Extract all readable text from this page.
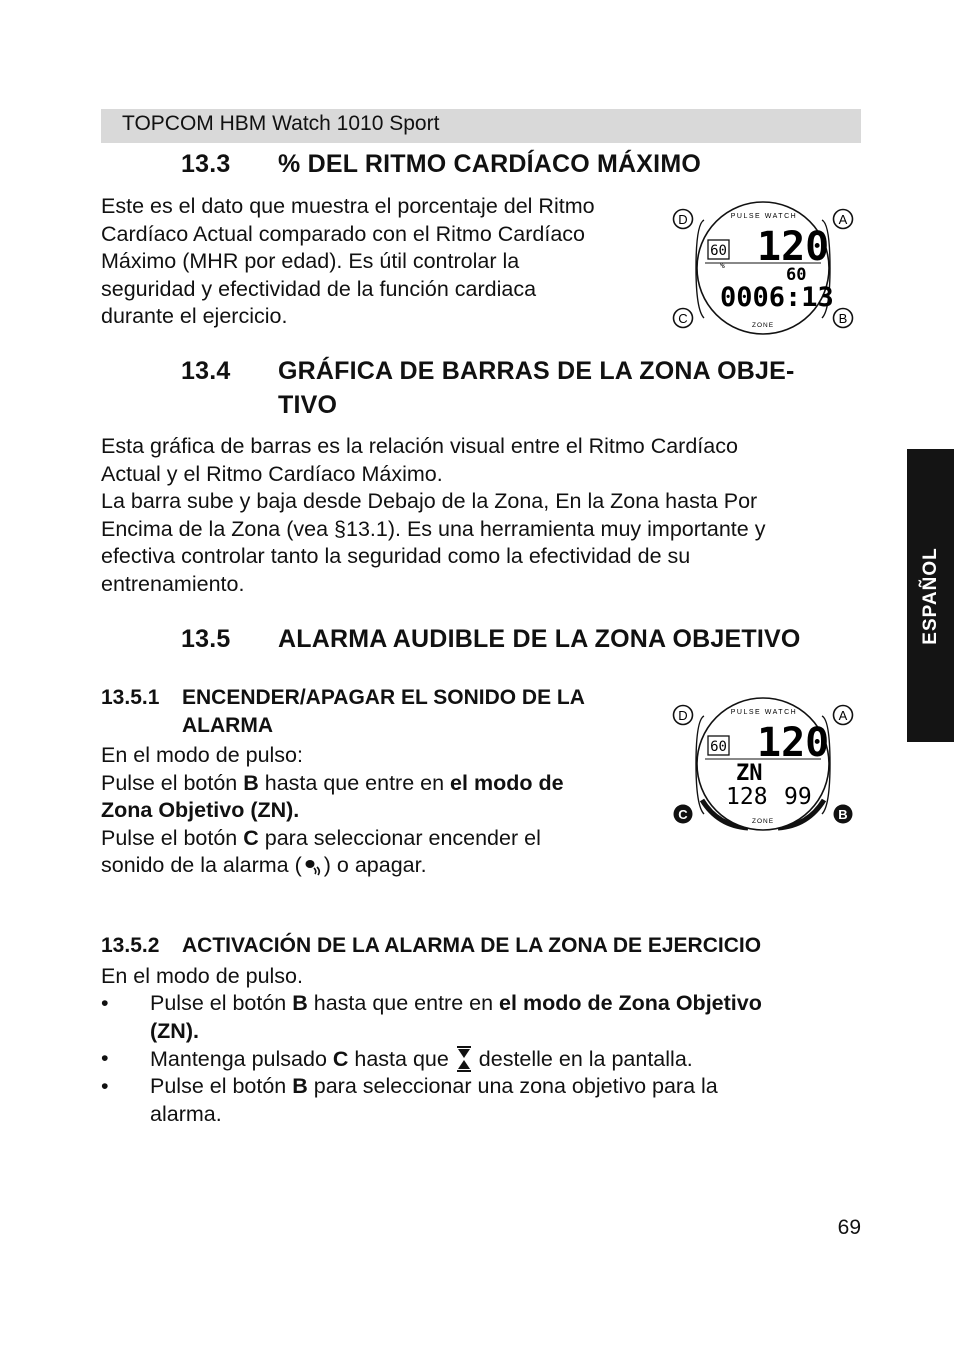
TOPCOM HBM Watch 1010 Sport
13.3 % DEL RITMO CARDÍACO MÁXIMO
Este es el dato que muestra el porcentaje del Ritmo
Cardíaco Actual comparado con el Ritmo Cardíaco
Máximo (MHR por edad). Es útil controlar la
seguridad y efectividad de la función cardiaca
durante el ejercicio.
D	A
C	B
PULSE WATCH
60
% 120
60
0006:13
ZONE
13.4 GRÁFICA DE BARRAS DE LA ZONA OBJE-
TIVO
Esta gráfica de barras es la relación visual entre el Ritmo Cardíaco
Actual y el Ritmo Cardíaco Máximo.
La barra sube y baja desde Debajo de la Zona, En la Zona hasta Por
Encima de la Zona (vea §13.1). Es una herramienta muy importante y
efectiva controlar tanto la seguridad como la efectividad de su
entrenamiento.
13.5 ALARMA AUDIBLE DE LA ZONA OBJETIVO
13.5.1 ENCENDER/APAGAR EL SONIDO DE LA
ALARMA
En el modo de pulso:
Pulse el botón B hasta que entre en el modo de
Zona Objetivo (ZN).
Pulse el botón C para seleccionar encender el
sonido de la alarma ( ) o apagar.
D	A
C	B
PULSE WATCH
60 120
ZN
128 99
ZONE
13.5.2 ACTIVACIÓN DE LA ALARMA DE LA ZONA DE EJERCICIO
En el modo de pulso.
• Pulse el botón B hasta que entre en el modo de Zona Objetivo
(ZN).
• Mantenga pulsado C hasta que  destelle en la pantalla.
• Pulse el botón B para seleccionar una zona objetivo para la
alarma.
ESPAÑOL
69
